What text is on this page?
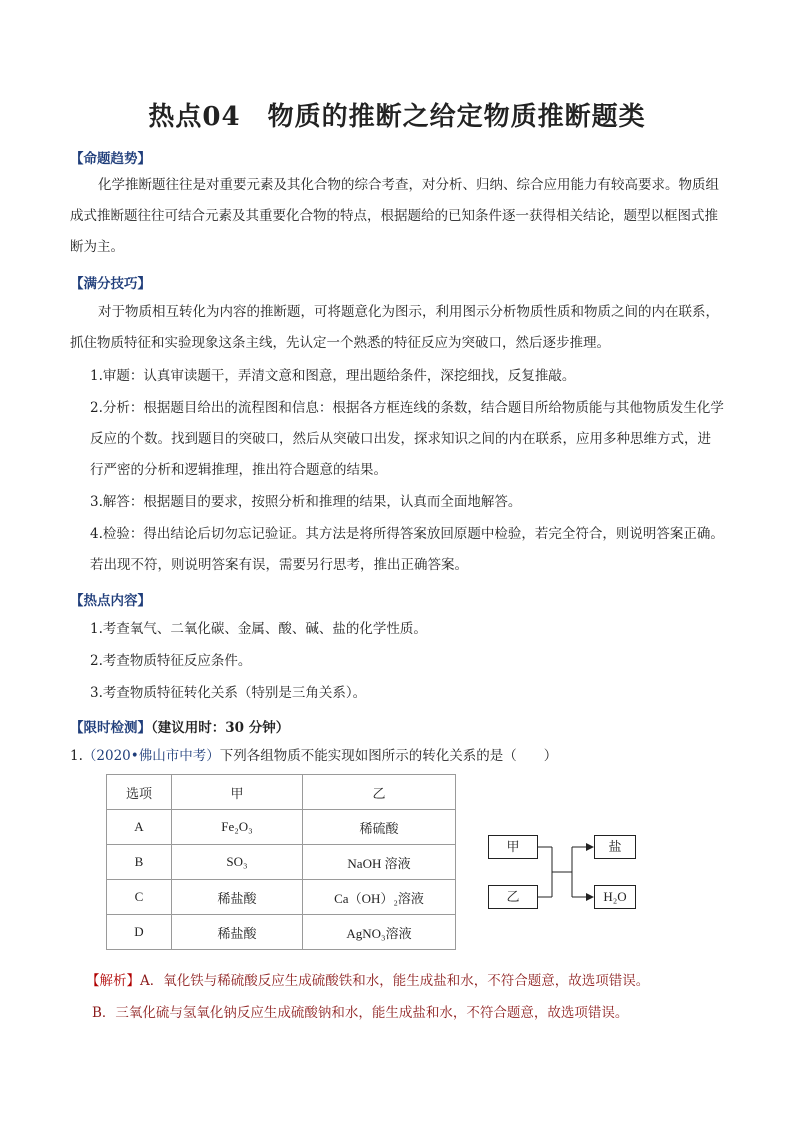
热点04　物质的推断之给定物质推断题类
【命题趋势】

化学推断题往往是对重要元素及其化合物的综合考查，对分析、归纳、综合应用能力有较高要求。物质组成式推断题往往可结合元素及其重要化合物的特点，根据题给的已知条件逐一获得相关结论，题型以框图式推断为主。

【满分技巧】

对于物质相互转化为内容的推断题，可将题意化为图示，利用图示分析物质性质和物质之间的内在联系，抓住物质特征和实验现象这条主线，先认定一个熟悉的特征反应为突破口，然后逐步推理。

1.审题：认真审读题干，弄清文意和图意，理出题给条件，深挖细找，反复推敲。

2.分析：根据题目给出的流程图和信息：根据各方框连线的条数，结合题目所给物质能与其他物质发生化学反应的个数。找到题目的突破口，然后从突破口出发，探求知识之间的内在联系，应用多种思维方式，进行严密的分析和逻辑推理，推出符合题意的结果。

3.解答：根据题目的要求，按照分析和推理的结果，认真而全面地解答。

4.检验：得出结论后切勿忘记验证。其方法是将所得答案放回原题中检验，若完全符合，则说明答案正确。若出现不符，则说明答案有误，需要另行思考，推出正确答案。

【热点内容】

1.考查氧气、二氧化碳、金属、酸、碱、盐的化学性质。

2.考查物质特征反应条件。

3.考查物质特征转化关系（特别是三角关系）。

【限时检测】（建议用时：30 分钟）
1.（2020•佛山市中考）下列各组物质不能实现如图所示的转化关系的是（　　）
选项	甲	乙
A	Fe₂O₃	稀硫酸
B	SO₃	NaOH 溶液
C	稀盐酸	Ca（OH）₂溶液
D	稀盐酸	AgNO₃溶液
甲
乙
盐
H₂O
【解析】A．氧化铁与稀硫酸反应生成硫酸铁和水，能生成盐和水，不符合题意，故选项错误。
B．三氧化硫与氢氧化钠反应生成硫酸钠和水，能生成盐和水，不符合题意，故选项错误。
